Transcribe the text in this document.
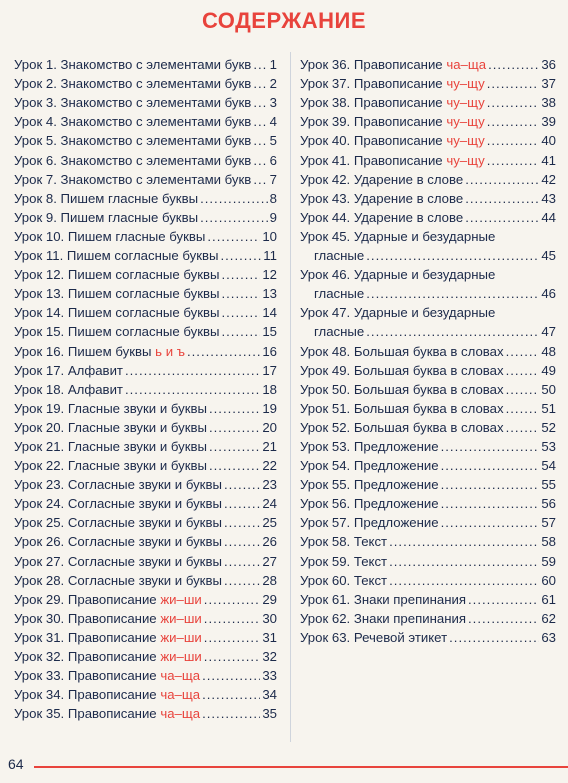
СОДЕРЖАНИЕ
Урок 1. Знакомство с элементами букв ..... 1
Урок 2. Знакомство с элементами букв ..... 2
Урок 3. Знакомство с элементами букв ..... 3
Урок 4. Знакомство с элементами букв ..... 4
Урок 5. Знакомство с элементами букв ..... 5
Урок 6. Знакомство с элементами букв ..... 6
Урок 7. Знакомство с элементами букв ..... 7
Урок 8. Пишем гласные буквы .....	8
Урок 9. Пишем гласные буквы .....	9
Урок 10. Пишем гласные буквы .....	10
Урок 11. Пишем согласные буквы .....	11
Урок 12. Пишем согласные буквы .....	12
Урок 13. Пишем согласные буквы .....	13
Урок 14. Пишем согласные буквы .....	14
Урок 15. Пишем согласные буквы .....	15
Урок 16. Пишем буквы
ь и ъ .....	16
Урок 17. Алфавит .....	17
Урок 18. Алфавит .....	18
Урок 19. Гласные звуки и буквы .....	19
Урок 20. Гласные звуки и буквы .....	20
Урок 21. Гласные звуки и буквы .....	21
Урок 22. Гласные звуки и буквы .....	22
Урок 23. Согласные звуки и буквы .....	23
Урок 24. Согласные звуки и буквы .....	24
Урок 25. Согласные звуки и буквы .....	25
Урок 26. Согласные звуки и буквы .....	26
Урок 27. Согласные звуки и буквы .....	27
Урок 28. Согласные звуки и буквы .....	28
Урок 29. Правописание
жи–ши .....	29
Урок 30. Правописание
жи–ши .....	30
Урок 31. Правописание
жи–ши .....	31
Урок 32. Правописание
жи–ши .....	32
Урок 33. Правописание
ча–ща .....	33
Урок 34. Правописание
ча–ща .....	34
Урок 35. Правописание
ча–ща .....	35
Урок 36. Правописание
ча–ща .....	36
Урок 37. Правописание
чу–щу .....	37
Урок 38. Правописание
чу–щу .....	38
Урок 39. Правописание
чу–щу .....	39
Урок 40. Правописание
чу–щу .....	40
Урок 41. Правописание
чу–щу .....	41
Урок 42. Ударение в слове .....	42
Урок 43. Ударение в слове .....	43
Урок 44. Ударение в слове .....	44
Урок 45. Ударные и безударные
гласные .....	45
Урок 46. Ударные и безударные
гласные .....	46
Урок 47. Ударные и безударные
гласные .....	47
Урок 48. Большая буква в словах .....	48
Урок 49. Большая буква в словах .....	49
Урок 50. Большая буква в словах .....	50
Урок 51. Большая буква в словах .....	51
Урок 52. Большая буква в словах .....	52
Урок 53. Предложение .....	53
Урок 54. Предложение .....	54
Урок 55. Предложение .....	55
Урок 56. Предложение .....	56
Урок 57. Предложение .....	57
Урок 58. Текст .....	58
Урок 59. Текст .....	59
Урок 60. Текст .....	60
Урок 61. Знаки препинания .....	61
Урок 62. Знаки препинания .....	62
Урок 63. Речевой этикет .....	63
64
